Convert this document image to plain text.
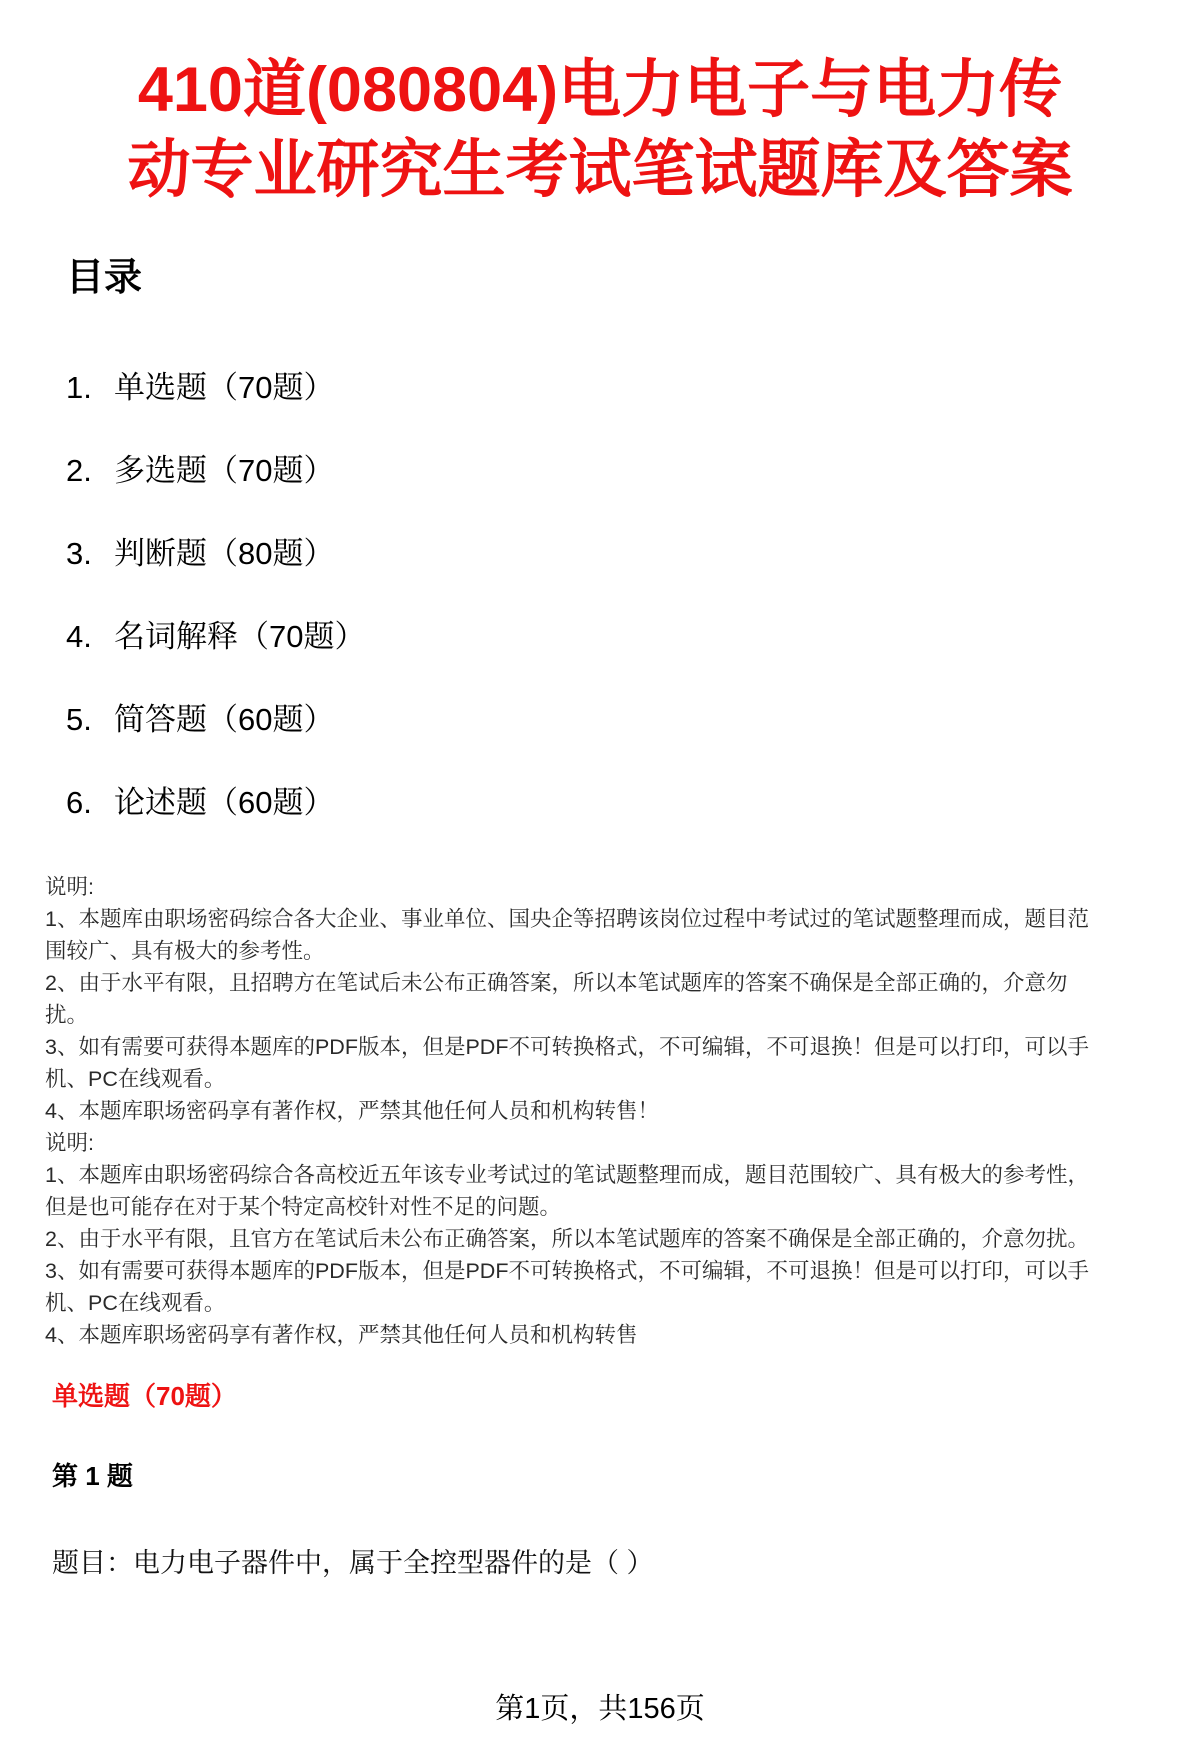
410道(080804)电力电子与电力传
动专业研究生考试笔试题库及答案
目录
1. 单选题（70题）
2. 多选题（70题）
3. 判断题（80题）
4. 名词解释（70题）
5. 简答题（60题）
6. 论述题（60题）

说明:

1、本题库由职场密码综合各大企业、事业单位、国央企等招聘该岗位过程中考试过的笔试题整理而成，题目范围较广、具有极大的参考性。

2、由于水平有限，且招聘方在笔试后未公布正确答案，所以本笔试题库的答案不确保是全部正确的，介意勿扰。

3、如有需要可获得本题库的PDF版本，但是PDF不可转换格式，不可编辑，不可退换！但是可以打印，可以手机、PC在线观看。

4、本题库职场密码享有著作权，严禁其他任何人员和机构转售！

说明:

1、本题库由职场密码综合各高校近五年该专业考试过的笔试题整理而成，题目范围较广、具有极大的参考性，但是也可能存在对于某个特定高校针对性不足的问题。

2、由于水平有限，且官方在笔试后未公布正确答案，所以本笔试题库的答案不确保是全部正确的，介意勿扰。

3、如有需要可获得本题库的PDF版本，但是PDF不可转换格式，不可编辑，不可退换！但是可以打印，可以手机、PC在线观看。

4、本题库职场密码享有著作权，严禁其他任何人员和机构转售

单选题（70题）
第 1 题
题目：电力电子器件中，属于全控型器件的是（ ）
第1页，共156页
